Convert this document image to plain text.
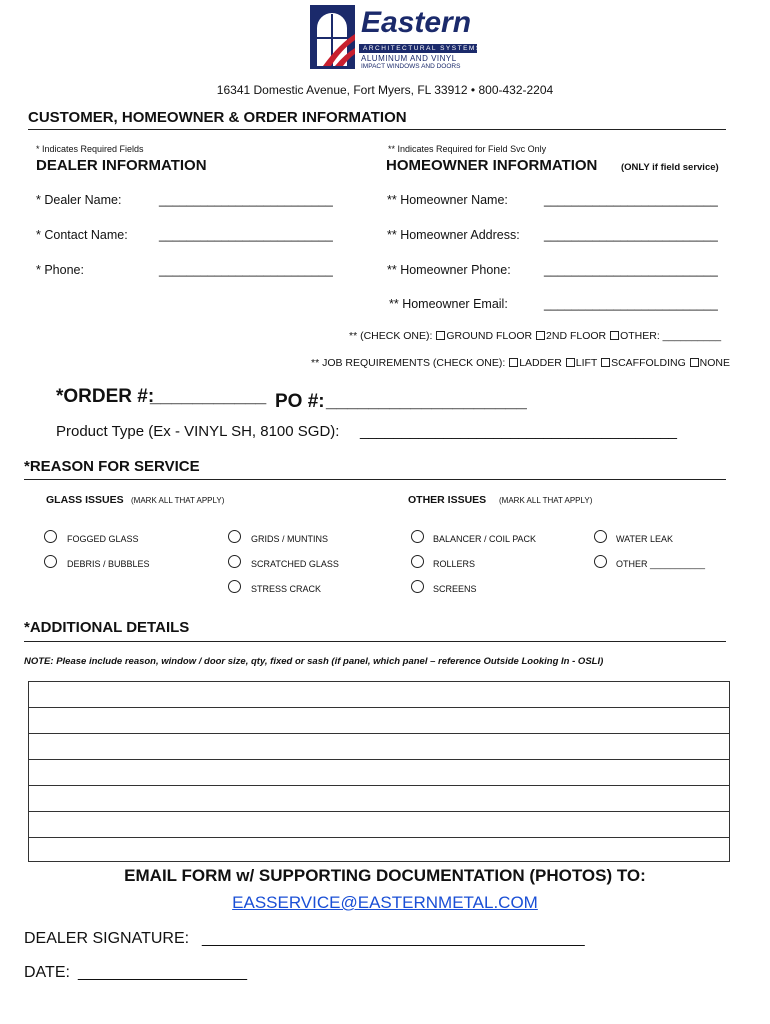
Eastern
ARCHITECTURAL SYSTEMS
ALUMINUM AND VINYL
IMPACT WINDOWS AND DOORS
16341 Domestic Avenue, Fort Myers, FL 33912 • 800-432-2204
CUSTOMER, HOMEOWNER & ORDER INFORMATION
* Indicates Required Fields	** Indicates Required for Field Svc Only
DEALER INFORMATION	HOMEOWNER INFORMATION (ONLY if field service)
* Dealer Name:	_________________________
* Contact Name:	_________________________
* Phone:	_________________________
** Homeowner Name:	_________________________
** Homeowner Address: _________________________
** Homeowner Phone:	_________________________
** Homeowner Email:	_________________________
** (CHECK ONE): GROUND FLOOR 2ND FLOOR OTHER: __________
** JOB REQUIREMENTS (CHECK ONE): LADDER LIFT SCAFFOLDING NONE
*ORDER #:
___________ PO #: ___________________
Product Type (Ex - VINYL SH, 8100 SGD): ______________________________________
*REASON FOR SERVICE
GLASS ISSUES (MARK ALL THAT APPLY)	OTHER ISSUES (MARK ALL THAT APPLY)
FOGGED GLASS
DEBRIS / BUBBLES
GRIDS / MUNTINS
SCRATCHED GLASS
STRESS CRACK
BALANCER / COIL PACK
ROLLERS
SCREENS
WATER LEAK
OTHER ___________
*ADDITIONAL DETAILS
NOTE: Please include reason, window / door size, qty, fixed or sash (if panel, which panel – reference Outside Looking In - OSLI)
EMAIL FORM w/ SUPPORTING DOCUMENTATION (PHOTOS) TO:
EASSERVICE@EASTERNMETAL.COM
DEALER SIGNATURE: ___________________________________________
DATE: ___________________
